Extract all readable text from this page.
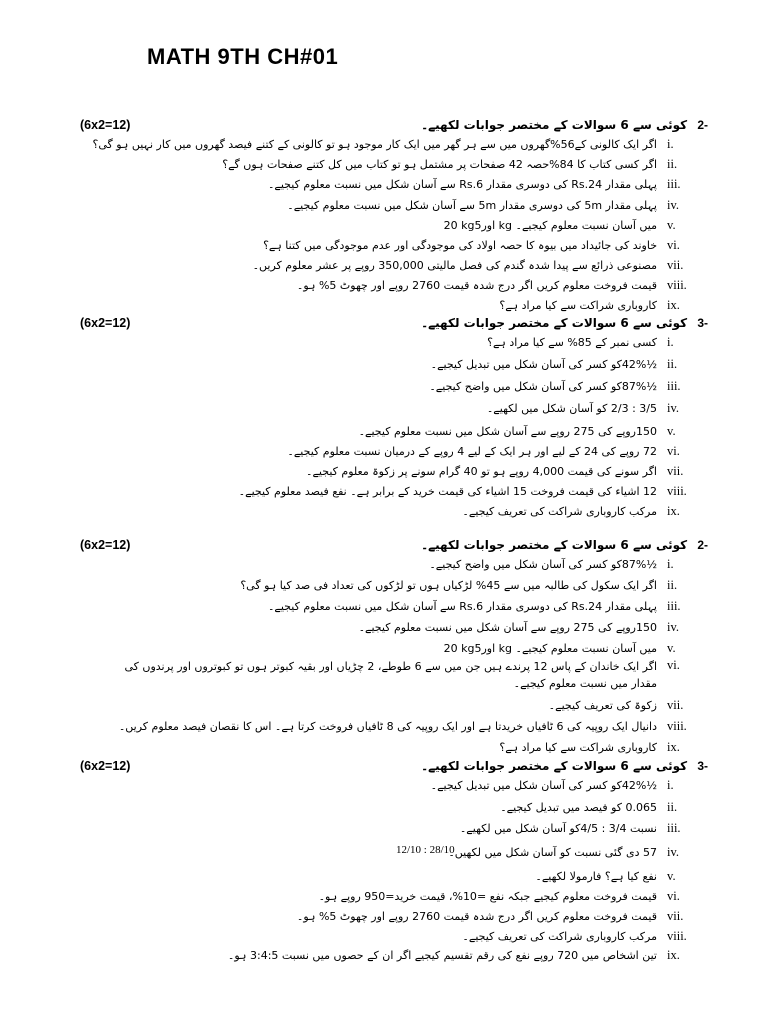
MATH 9TH CH#01
(6x2=12)	-2 کوئی سے 6 سوالات کے مختصر جوابات لکھیے۔
اگر ایک کالونی کے56%گھروں میں سے ہر گھر میں ایک کار موجود ہو تو کالونی کے کتنے فیصد گھروں میں کار نہیں ہو گی؟ i.
اگر کسی کتاب کا 84%حصہ 42 صفحات پر مشتمل ہو تو کتاب میں کل کتنے صفحات ہوں گے؟ ii.
پہلی مقدار Rs.24 کی دوسری مقدار Rs.6 سے آسان شکل میں نسبت معلوم کیجیے۔ iii.
پہلی مقدار 5m کی دوسری مقدار 5m سے آسان شکل میں نسبت معلوم کیجیے۔ iv.
20 kgاور5 kg میں آسان نسبت معلوم کیجیے۔ v.
خاوند کی جائیداد میں بیوہ کا حصہ اولاد کی موجودگی اور عدم موجودگی میں کتنا ہے؟ vi.
مصنوعی ذرائع سے پیدا شدہ گندم کی فصل مالیتی 350,000 روپے پر عشر معلوم کریں۔ vii.
قیمت فروخت معلوم کریں اگر درج شدہ قیمت 2760 روپے اور چھوٹ 5% ہو۔ viii.
کاروباری شراکت سے کیا مراد ہے؟ ix.
(6x2=12)	-3 کوئی سے 6 سوالات کے مختصر جوابات لکھیے۔
کسی نمبر کے 85% سے کیا مراد ہے؟ i.
½42%کو کسر کی آسان شکل میں تبدیل کیجیے۔ ii.
½87%کو کسر کی آسان شکل میں واضح کیجیے۔ iii.
3/5 : 2/3 کو آسان شکل میں لکھیے۔ iv.
150روپے کی 275 روپے سے آسان شکل میں نسبت معلوم کیجیے۔ v.
72 روپے کی 24 کے لیے اور ہر ایک کے لیے 4 روپے کے درمیان نسبت معلوم کیجیے۔ vi.
اگر سونے کی قیمت 4,000 روپے ہو تو 40 گرام سونے پر زکوۃ معلوم کیجیے۔ vii.
12 اشیاء کی قیمت فروخت 15 اشیاء کی قیمت خرید کے برابر ہے۔ نفع فیصد معلوم کیجیے۔ viii.
مرکب کاروباری شراکت کی تعریف کیجیے۔ ix.
(6x2=12)	-2 کوئی سے 6 سوالات کے مختصر جوابات لکھیے۔
½87%کو کسر کی آسان شکل میں واضح کیجیے۔ i.
اگر ایک سکول کی طالبہ میں سے 45% لڑکیاں ہوں تو لڑکوں کی تعداد فی صد کیا ہو گی؟ ii.
پہلی مقدار Rs.24 کی دوسری مقدار Rs.6 سے آسان شکل میں نسبت معلوم کیجیے۔ iii.
150روپے کی 275 روپے سے آسان شکل میں نسبت معلوم کیجیے۔ iv.
20 kgاور5 kg میں آسان نسبت معلوم کیجیے۔ v.
اگر ایک خاندان کے پاس 12 پرندے ہیں جن میں سے 6 طوطے، 2 چڑیاں اور بقیہ کبوتر ہوں تو کبوتروں اور پرندوں کی مقدار میں نسبت معلوم کیجیے۔
vi.
زکوۃ کی تعریف کیجیے۔ vii.
دانیال ایک روپیہ کی 6 ٹافیاں خریدتا ہے اور ایک روپیہ کی 8 ٹافیاں فروخت کرتا ہے۔ اس کا نقصان فیصد معلوم کریں۔ viii.
کاروباری شراکت سے کیا مراد ہے؟ ix.
(6x2=12)	-3 کوئی سے 6 سوالات کے مختصر جوابات لکھیے۔
12/10 : 28/10
½42%کو کسر کی آسان شکل میں تبدیل کیجیے۔ i.
0.065 کو فیصد میں تبدیل کیجیے۔ ii.
نسبت 3/4 : 4/5کو آسان شکل میں لکھیے۔ iii.
57 دی گئی نسبت کو آسان شکل میں لکھیں۔ iv.
نفع کیا ہے؟ فارمولا لکھیے۔ v.
قیمت فروخت معلوم کیجیے جبکہ نفع =10%، قیمت خرید=950 روپے ہو۔ vi.
قیمت فروخت معلوم کریں اگر درج شدہ قیمت 2760 روپے اور چھوٹ 5% ہو۔ vii.
مرکب کاروباری شراکت کی تعریف کیجیے۔ viii.
تین اشخاص میں 720 روپے نفع کی رقم تقسیم کیجیے اگر ان کے حصوں میں نسبت 3:4:5 ہو۔ ix.
